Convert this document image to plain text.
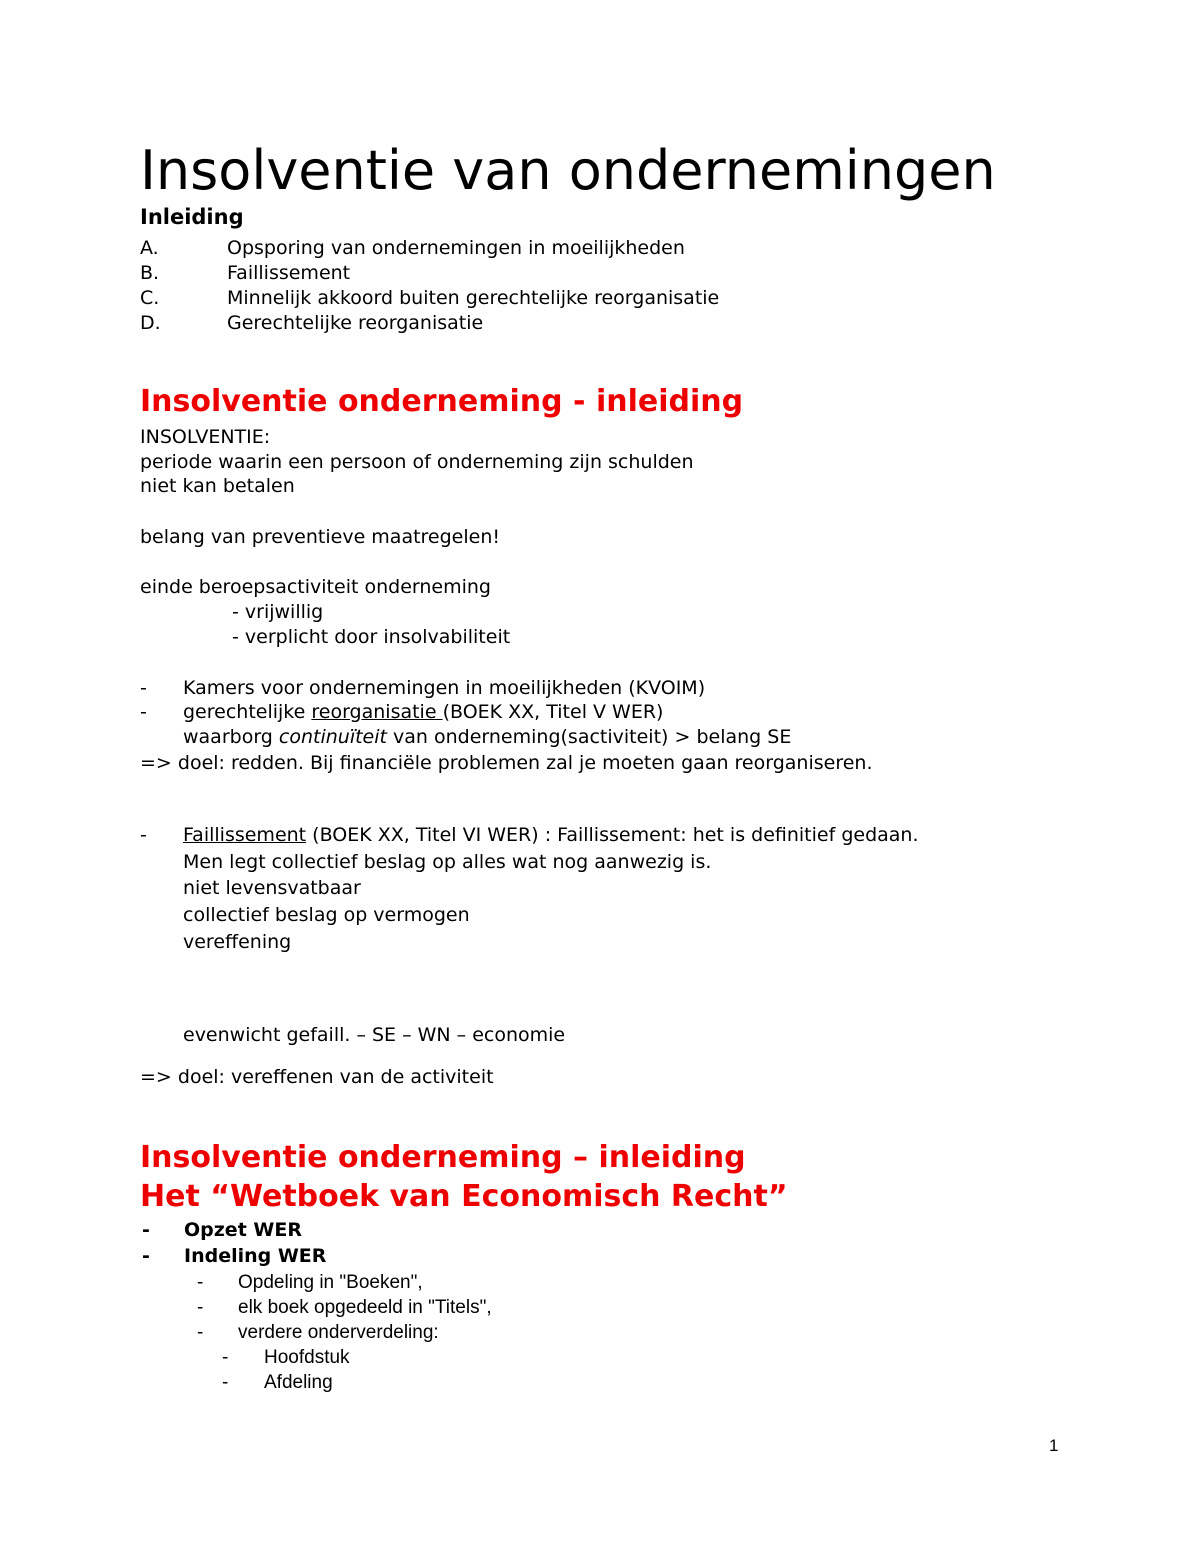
Insolventie van ondernemingen
Inleiding
A.	Opsporing van ondernemingen in moeilijkheden
B.	Faillissement
C.	Minnelijk akkoord buiten gerechtelijke reorganisatie
D.	Gerechtelijke reorganisatie
Insolventie onderneming - inleiding
INSOLVENTIE:
periode waarin een persoon of onderneming zijn schulden
niet kan betalen
belang van preventieve maatregelen!
einde beroepsactiviteit onderneming
- vrijwillig
- verplicht door insolvabiliteit
- Kamers voor ondernemingen in moeilijkheden (KVOIM)
- gerechtelijke reorganisatie (BOEK XX, Titel V WER)
waarborg continuïteit van onderneming(sactiviteit) > belang SE
=> doel: redden. Bij financiële problemen zal je moeten gaan reorganiseren.
- Faillissement (BOEK XX, Titel VI WER) : Faillissement: het is definitief gedaan.
Men legt collectief beslag op alles wat nog aanwezig is.
niet levensvatbaar
collectief beslag op vermogen
vereffening
evenwicht gefaill. – SE – WN – economie
=> doel: vereffenen van de activiteit
Insolventie onderneming – inleiding
Het “Wetboek van Economisch Recht”
- Opzet WER
- Indeling WER
- Opdeling in "Boeken",
- elk boek opgedeeld in "Titels",
- verdere onderverdeling:
- Hoofdstuk
- Afdeling
1
